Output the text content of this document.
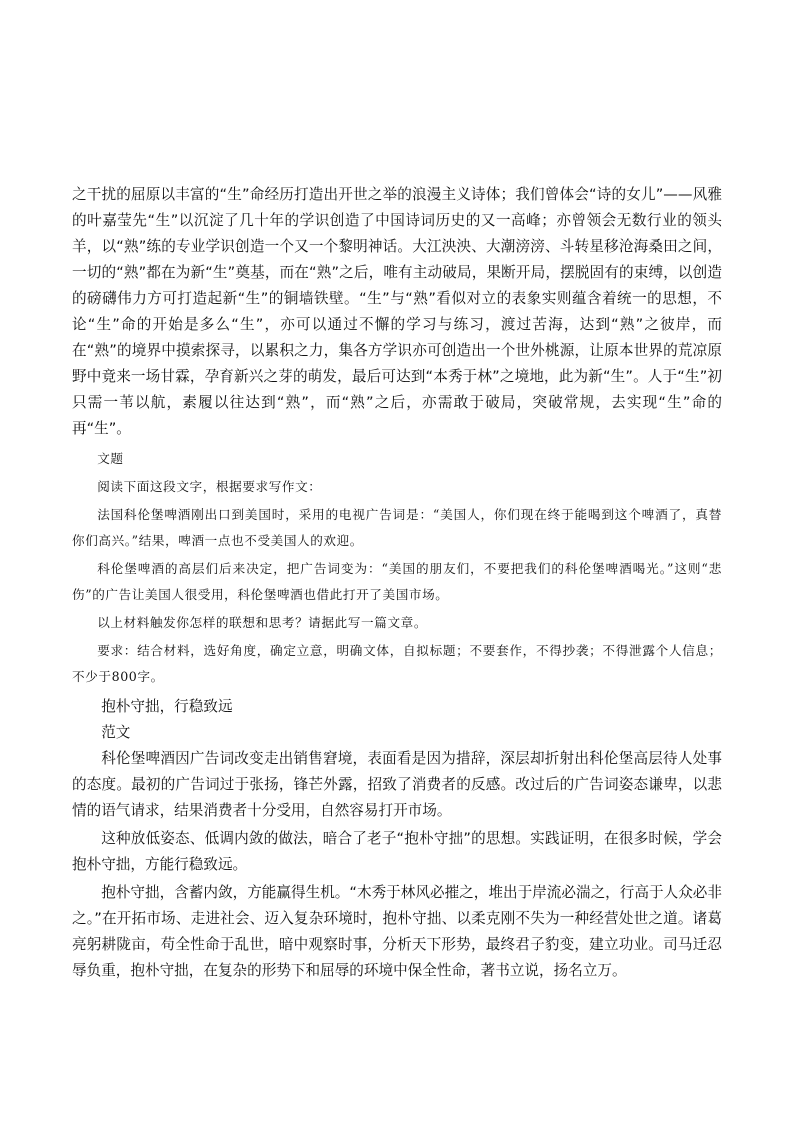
之干扰的屈原以丰富的“生”命经历打造出开世之举的浪漫主义诗体；我们曾体会“诗的女儿”——风雅的叶嘉莹先“生”以沉淀了几十年的学识创造了中国诗词历史的又一高峰；亦曾领会无数行业的领头羊，以“熟”练的专业学识创造一个又一个黎明神话。大江泱泱、大潮滂滂、斗转星移沧海桑田之间，一切的“熟”都在为新“生”奠基，而在“熟”之后，唯有主动破局，果断开局，摆脱固有的束缚，以创造的磅礴伟力方可打造起新“生”的铜墙铁壁。“生”与“熟”看似对立的表象实则蕴含着统一的思想，不论“生”命的开始是多么“生”，亦可以通过不懈的学习与练习，渡过苦海，达到“熟”之彼岸，而在“熟”的境界中摸索探寻，以累积之力，集各方学识亦可创造出一个世外桃源，让原本世界的荒凉原野中竟来一场甘霖，孕育新兴之芽的萌发，最后可达到“本秀于林”之境地，此为新“生”。人于“生”初只需一苇以航，素履以往达到“熟”，而“熟”之后，亦需敢于破局，突破常规，去实现“生”命的再“生”。

文题

阅读下面这段文字，根据要求写作文：

法国科伦堡啤酒刚出口到美国时，采用的电视广告词是：“美国人，你们现在终于能喝到这个啤酒了，真替你们高兴。”结果，啤酒一点也不受美国人的欢迎。

科伦堡啤酒的高层们后来决定，把广告词变为：“美国的朋友们，不要把我们的科伦堡啤酒喝光。”这则“悲伤”的广告让美国人很受用，科伦堡啤酒也借此打开了美国市场。

以上材料触发你怎样的联想和思考？请据此写一篇文章。

要求：结合材料，选好角度，确定立意，明确文体，自拟标题；不要套作，不得抄袭；不得泄露个人信息；不少于800字。

抱朴守拙，行稳致远

范文

科伦堡啤酒因广告词改变走出销售窘境，表面看是因为措辞，深层却折射出科伦堡高层待人处事的态度。最初的广告词过于张扬，锋芒外露，招致了消费者的反感。改过后的广告词姿态谦卑，以悲情的语气请求，结果消费者十分受用，自然容易打开市场。

这种放低姿态、低调内敛的做法，暗合了老子“抱朴守拙”的思想。实践证明，在很多时候，学会抱朴守拙，方能行稳致远。

抱朴守拙，含蓄内敛，方能赢得生机。“木秀于林风必摧之，堆出于岸流必湍之，行高于人众必非之。”在开拓市场、走进社会、迈入复杂环境时，抱朴守拙、以柔克刚不失为一种经营处世之道。诸葛亮躬耕陇亩，苟全性命于乱世，暗中观察时事，分析天下形势，最终君子豹变，建立功业。司马迁忍辱负重，抱朴守拙，在复杂的形势下和屈辱的环境中保全性命，著书立说，扬名立万。
